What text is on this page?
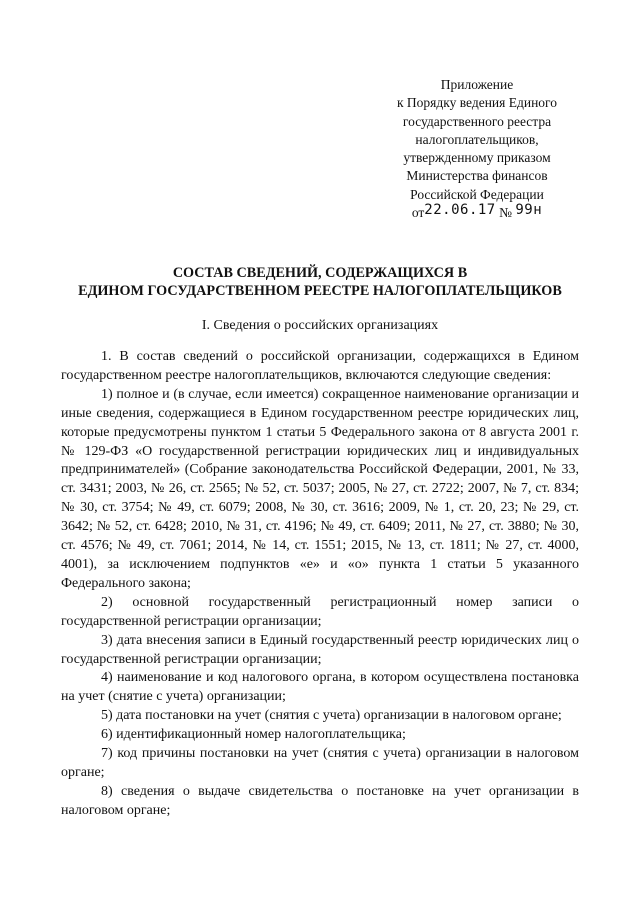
Приложение
к Порядку ведения Единого
государственного реестра
налогоплательщиков,
утвержденному приказом
Министерства финансов
Российской Федерации
от22.06.17 № 99н
СОСТАВ СВЕДЕНИЙ, СОДЕРЖАЩИХСЯ В
ЕДИНОМ ГОСУДАРСТВЕННОМ РЕЕСТРЕ НАЛОГОПЛАТЕЛЬЩИКОВ
I. Сведения о российских организациях

1. В состав сведений о российской организации, содержащихся в Едином государственном реестре налогоплательщиков, включаются следующие сведения:

1) полное и (в случае, если имеется) сокращенное наименование организации и иные сведения, содержащиеся в Едином государственном реестре юридических лиц, которые предусмотрены пунктом 1 статьи 5 Федерального закона от 8 августа 2001 г. № 129-ФЗ «О государственной регистрации юридических лиц и индивидуальных предпринимателей» (Собрание законодательства Российской Федерации, 2001, № 33, ст. 3431; 2003, № 26, ст. 2565; № 52, ст. 5037; 2005, № 27, ст. 2722; 2007, № 7, ст. 834; № 30, ст. 3754; № 49, ст. 6079; 2008, № 30, ст. 3616; 2009, № 1, ст. 20, 23; № 29, ст. 3642; № 52, ст. 6428; 2010, № 31, ст. 4196; № 49, ст. 6409; 2011, № 27, ст. 3880; № 30, ст. 4576; № 49, ст. 7061; 2014, № 14, ст. 1551; 2015, № 13, ст. 1811; № 27, ст. 4000, 4001), за исключением подпунктов «е» и «о» пункта 1 статьи 5 указанного Федерального закона;

2) основной государственный регистрационный номер записи о государственной регистрации организации;

3) дата внесения записи в Единый государственный реестр юридических лиц о государственной регистрации организации;

4) наименование и код налогового органа, в котором осуществлена постановка на учет (снятие с учета) организации;

5) дата постановки на учет (снятия с учета) организации в налоговом органе;

6) идентификационный номер налогоплательщика;

7) код причины постановки на учет (снятия с учета) организации в налоговом органе;

8) сведения о выдаче свидетельства о постановке на учет организации в налоговом органе;
